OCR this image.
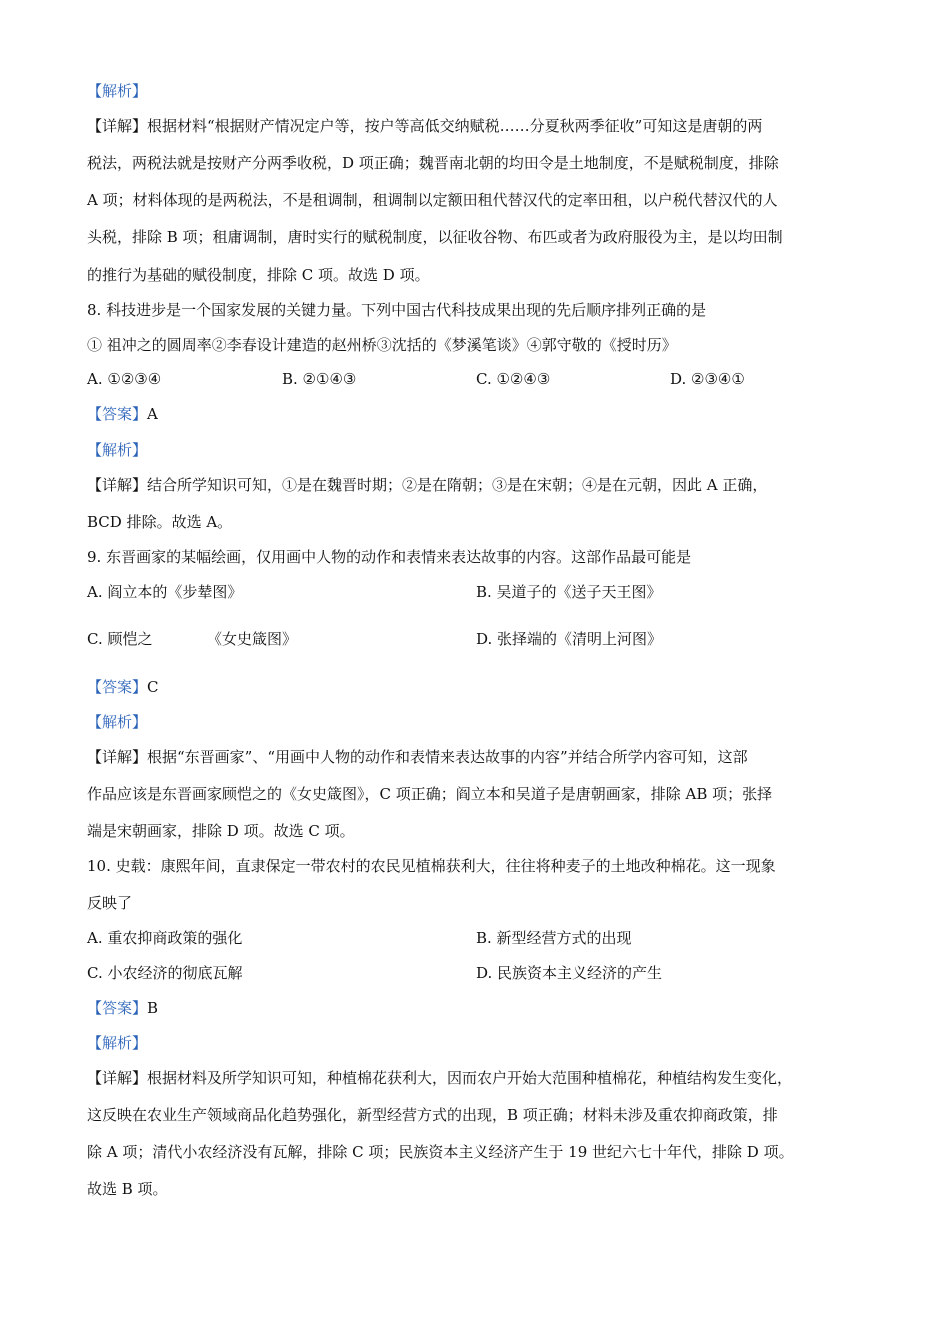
【解析】
【详解】根据材料“根据财产情况定户等，按户等高低交纳赋税……分夏秋两季征收”可知这是唐朝的两
税法，两税法就是按财产分两季收税，D 项正确；魏晋南北朝的均田令是土地制度，不是赋税制度，排除
A 项；材料体现的是两税法，不是租调制，租调制以定额田租代替汉代的定率田租，以户税代替汉代的人
头税，排除 B 项；租庸调制，唐时实行的赋税制度，以征收谷物、布匹或者为政府服役为主，是以均田制
的推行为基础的赋役制度，排除 C 项。故选 D 项。
8. 科技进步是一个国家发展的关键力量。下列中国古代科技成果出现的先后顺序排列正确的是
① 祖冲之的圆周率②李春设计建造的赵州桥③沈括的《梦溪笔谈》④郭守敬的《授时历》
A. ①②③④	B. ②①④③	C. ①②④③	D. ②③④①
【答案】A
【解析】
【详解】结合所学知识可知，①是在魏晋时期；②是在隋朝；③是在宋朝；④是在元朝，因此 A 正确，
BCD 排除。故选 A。
9. 东晋画家的某幅绘画，仅用画中人物的动作和表情来表达故事的内容。这部作品最可能是
A. 阎立本的《步辇图》	B. 吴道子的《送子天王图》
C. 顾恺之	《女史箴图》	D. 张择端的《清明上河图》
【答案】C
【解析】
【详解】根据“东晋画家”、“用画中人物的动作和表情来表达故事的内容”并结合所学内容可知，这部
作品应该是东晋画家顾恺之的《女史箴图》，C 项正确；阎立本和吴道子是唐朝画家，排除 AB 项；张择
端是宋朝画家，排除 D 项。故选 C 项。
10. 史载：康熙年间，直隶保定一带农村的农民见植棉获利大，往往将种麦子的土地改种棉花。这一现象
反映了
A. 重农抑商政策的强化	B. 新型经营方式的出现
C. 小农经济的彻底瓦解	D. 民族资本主义经济的产生
【答案】B
【解析】
【详解】根据材料及所学知识可知，种植棉花获利大，因而农户开始大范围种植棉花，种植结构发生变化，
这反映在农业生产领域商品化趋势强化，新型经营方式的出现，B 项正确；材料未涉及重农抑商政策，排
除 A 项；清代小农经济没有瓦解，排除 C 项；民族资本主义经济产生于 19 世纪六七十年代，排除 D 项。
故选 B 项。
